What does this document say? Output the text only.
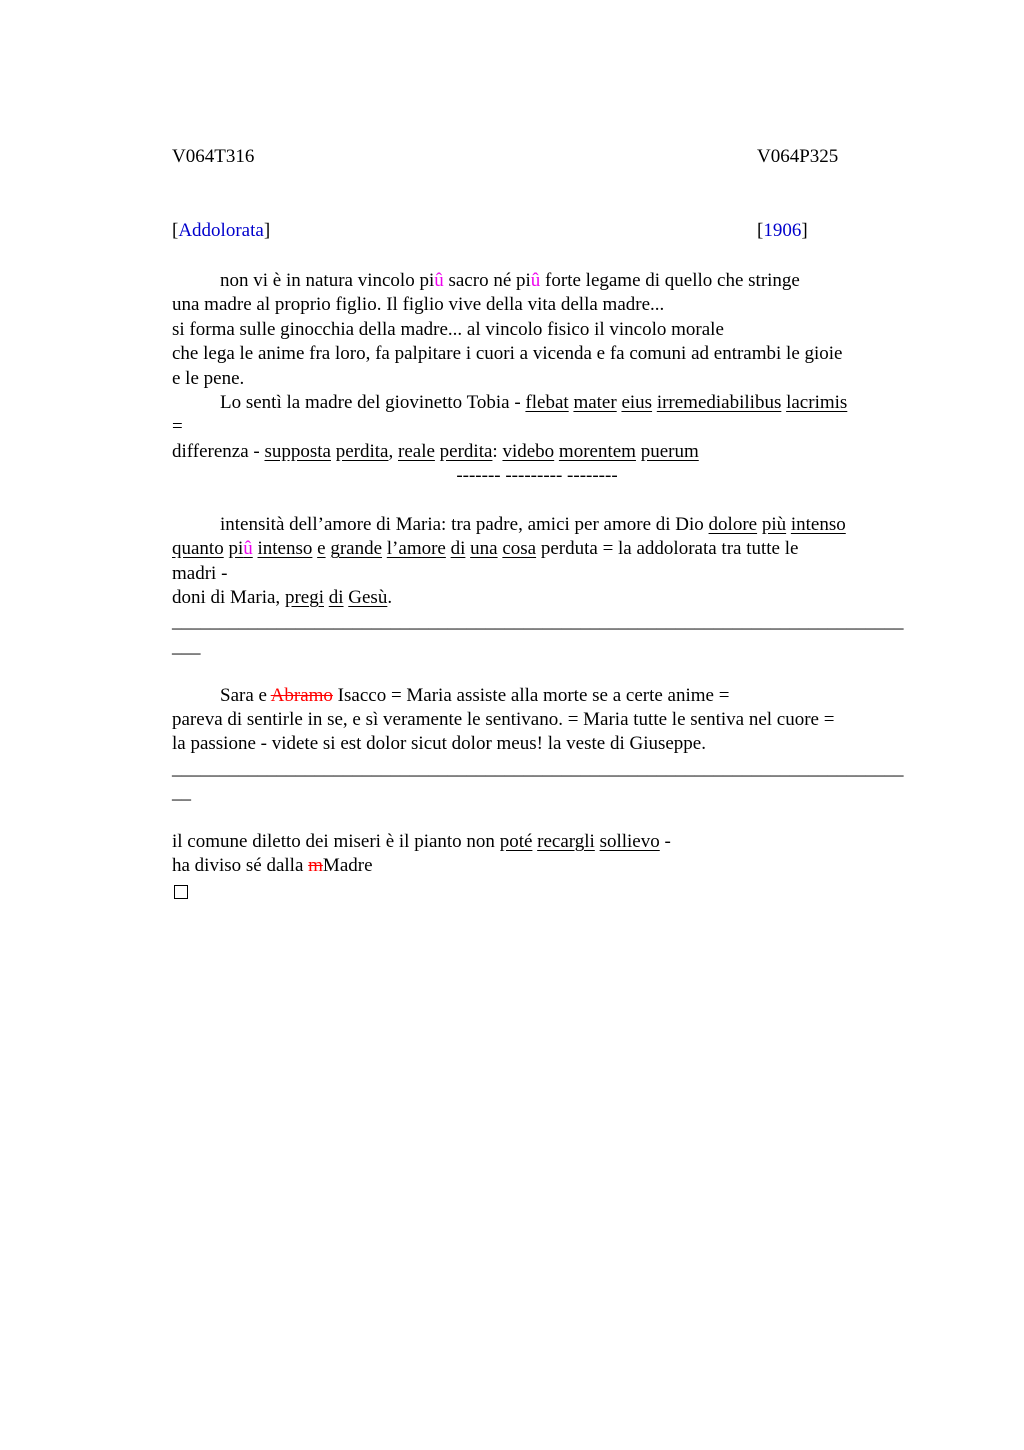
V064T316	V064P325
[Addolorata]	[1906]
non vi è in natura vincolo piû sacro né piû forte legame di quello che stringe
una madre al proprio figlio. Il figlio vive della vita della madre...
si forma sulle ginocchia della madre... al vincolo fisico il vincolo morale
che lega le anime fra loro, fa palpitare i cuori a vicenda e fa comuni ad entrambi le gioie
e le pene.
Lo sentì la madre del giovinetto Tobia - flebat mater eius irremediabilibus lacrimis
=
differenza - supposta perdita, reale perdita: videbo morentem puerum
------- --------- --------
intensità dell’amore di Maria: tra padre, amici per amore di Dio dolore più intenso
quanto piû intenso e grande l’amore di una cosa perduta = la addolorata tra tutte le
madri -
doni di Maria, pregi di Gesù.
_____________________________________________________________________________
___
Sara e Abramo Isacco = Maria assiste alla morte se a certe anime =
pareva di sentirle in se, e sì veramente le sentivano. = Maria tutte le sentiva nel cuore =
la passione - videte si est dolor sicut dolor meus! la veste di Giuseppe.
_____________________________________________________________________________
__
il comune diletto dei miseri è il pianto non poté recargli sollievo -
ha diviso sé dalla mMadre
